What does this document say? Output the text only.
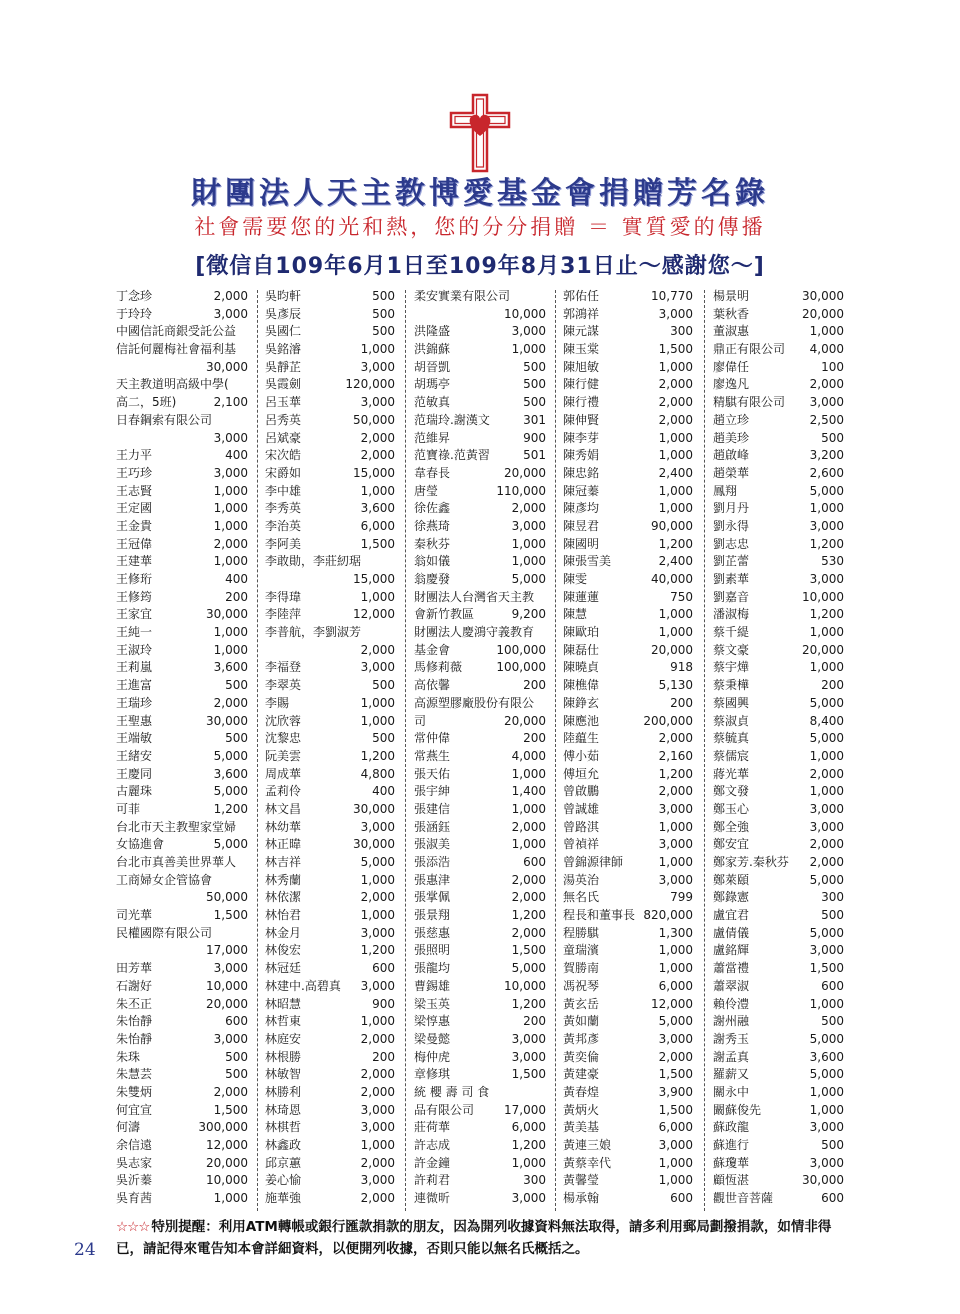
財團法人天主教博愛基金會捐贈芳名錄
社會需要您的光和熱，您的分分捐贈 ＝ 實質愛的傳播
[徵信自109年6月1日至109年8月31日止～感謝您～]
丁念珍	2,000
于玲玲	3,000
中國信託商銀受託公益
信託何麗梅社會福利基
30,000
天主教道明高級中學(
高二，5班)	2,100
日春鋼索有限公司
3,000
王力平	400
王巧珍	3,000
王志賢	1,000
王定國	1,000
王金貴	1,000
王冠偉	2,000
王建華	1,000
王修珩	400
王修筠	200
王家宜	30,000
王純一	1,000
王淑玲	1,000
王莉嵐	3,600
王進富	500
王瑞珍	2,000
王聖惠	30,000
王端敏	500
王緒安	5,000
王慶同	3,600
古麗珠	5,000
可菲	1,200
台北市天主教聖家堂婦
女協進會	5,000
台北市真善美世界華人
工商婦女企管協會
50,000
司光華	1,500
民權國際有限公司
17,000
田芳華	3,000
石謝好	10,000
朱丕正	20,000
朱怡靜	600
朱怡靜	3,000
朱珠	500
朱慧芸	500
朱雙炳	2,000
何宜宣	1,500
何濤	300,000
余信遠	12,000
吳志家	20,000
吳沂蓁	10,000
吳育茜	1,000
吳昀軒	500
吳彥辰	500
吳國仁	500
吳銘濬	1,000
吳靜芷	3,000
吳霞劍	120,000
呂玉華	3,000
呂秀英	50,000
呂斌豪	2,000
宋次皓	2,000
宋爵如	15,000
李中雄	1,000
李秀英	3,600
李治英	6,000
李阿美	1,500
李敢勛，李莊紉琚
15,000
李得瑋	1,000
李陸萍	12,000
李普航，李劉淑芳
2,000
李福登	3,000
李翠英	500
李賜	1,000
沈欣蓉	1,000
沈黎忠	500
阮美雲	1,200
周成華	4,800
孟莉伶	400
林文昌	30,000
林幼華	3,000
林正暐	30,000
林吉祥	5,000
林秀蘭	1,000
林依潔	2,000
林怡君	1,000
林金月	3,000
林俊宏	1,200
林冠廷	600
林建中.高碧真 3,000
林昭慧	900
林哲東	1,000
林庭安	2,000
林根勝	200
林敏智	2,000
林勝利	2,000
林琦恩	3,000
林棋哲	3,000
林鑫政	1,000
邱京蕙	2,000
姜心愉	3,000
施華強	2,000
柔安實業有限公司
10,000
洪隆盛	3,000
洪錦蘇	1,000
胡晉凱	500
胡瑪亭	500
范敏真	500
范瑞玲.謝漢文	301
范維昇	900
范寶祿.范黃習	501
韋春長	20,000
唐瑩	110,000
徐佐鑫	2,000
徐燕琦	3,000
秦秋芬	1,000
翁如儀	1,000
翁慶發	5,000
財團法人台灣省天主教
會新竹教區	9,200
財團法人慶鴻守義教育
基金會	100,000
馬修莉薇	100,000
高依馨	200
高源塑膠廠股份有限公
司	20,000
常仲偉	200
常燕生	4,000
張天佑	1,000
張宇紳	1,400
張建信	1,000
張涵鈺	2,000
張淑美	1,000
張添浩	600
張惠津	2,000
張掌佩	2,000
張景翔	1,200
張慈惠	2,000
張照明	1,500
張龍均	5,000
曹錫雄	10,000
梁玉英	1,200
梁惇惠	200
梁曼懿	3,000
梅仲虎	3,000
章修琪	1,500
統 櫻 壽 司 食
品有限公司 17,000
莊荷華	6,000
許志成	1,200
許金鐘	1,000
許莉君	300
連微昕	3,000
郭佑任	10,770
郭鴻祥	3,000
陳元謀	300
陳玉棠	1,500
陳旭敏	1,000
陳行健	2,000
陳行禮	2,000
陳伸賢	2,000
陳李芽	1,000
陳秀娟	1,000
陳忠銘	2,400
陳冠蓁	1,000
陳彥均	1,000
陳昱君	90,000
陳國明	1,200
陳張雪美	2,400
陳雯	40,000
陳蓮蓮	750
陳慧	1,000
陳歐珀	1,000
陳磊仕	20,000
陳曉貞	918
陳樵偉	5,130
陳錚玄	200
陳應池	200,000
陸藴生	2,000
傅小茹	2,160
傅垣允	1,200
曾啟鵬	2,000
曾誠雄	3,000
曾路淇	1,000
曾禎祥	3,000
曾錦源律師	1,000
湯英治	3,000
無名氏	799
程長和董事長 820,000
程勝騏	1,300
童瑞濱	1,000
賀勝南	1,000
馮祝琴	6,000
黃玄岳	12,000
黃如蘭	5,000
黃邦彥	3,000
黃奕倫	2,000
黃建豪	1,500
黃春煌	3,900
黃炳火	1,500
黃美基	6,000
黃連三娘	3,000
黃蔡幸代	1,000
黃馨瑩	1,000
楊承翰	600
楊景明	30,000
葉秋香	20,000
董淑惠	1,000
鼎正有限公司 4,000
廖偉任	100
廖逸凡	2,000
精騏有限公司 3,000
趙立珍	2,500
趙美珍	500
趙啟峰	3,200
趙榮華	2,600
鳳翔	5,000
劉月丹	1,000
劉永得	3,000
劉志忠	1,200
劉芷蕾	530
劉素華	3,000
劉嘉音	10,000
潘淑梅	1,200
蔡千緹	1,000
蔡文豪	20,000
蔡宇燁	1,000
蔡秉樺	200
蔡國興	5,000
蔡淑貞	8,400
蔡毓真	5,000
蔡儒宸	1,000
蔣光華	2,000
鄭文發	1,000
鄭玉心	3,000
鄭全強	3,000
鄭安宜	2,000
鄭家芳.秦秋芬 2,000
鄭萊頤	5,000
鄭錄憲	300
盧宜君	500
盧倩儀	5,000
盧銘輝	3,000
蕭當禮	1,500
蕭翠淑	600
賴伶澧	1,000
謝州融	500
謝秀玉	5,000
謝孟真	3,600
羅薪又	5,000
關永中	1,000
闞蘇俊先	1,000
蘇政龍	3,000
蘇進行	500
蘇瓊華	3,000
顧恆湛	30,000
觀世音菩薩	600
☆☆☆ 特別提醒：利用ATM轉帳或銀行匯款捐款的朋友，因為開列收據資料無法取得，請多利用郵局劃撥捐款，如情非得已，請記得來電告知本會詳細資料，以便開列收據，否則只能以無名氏概括之。
24
